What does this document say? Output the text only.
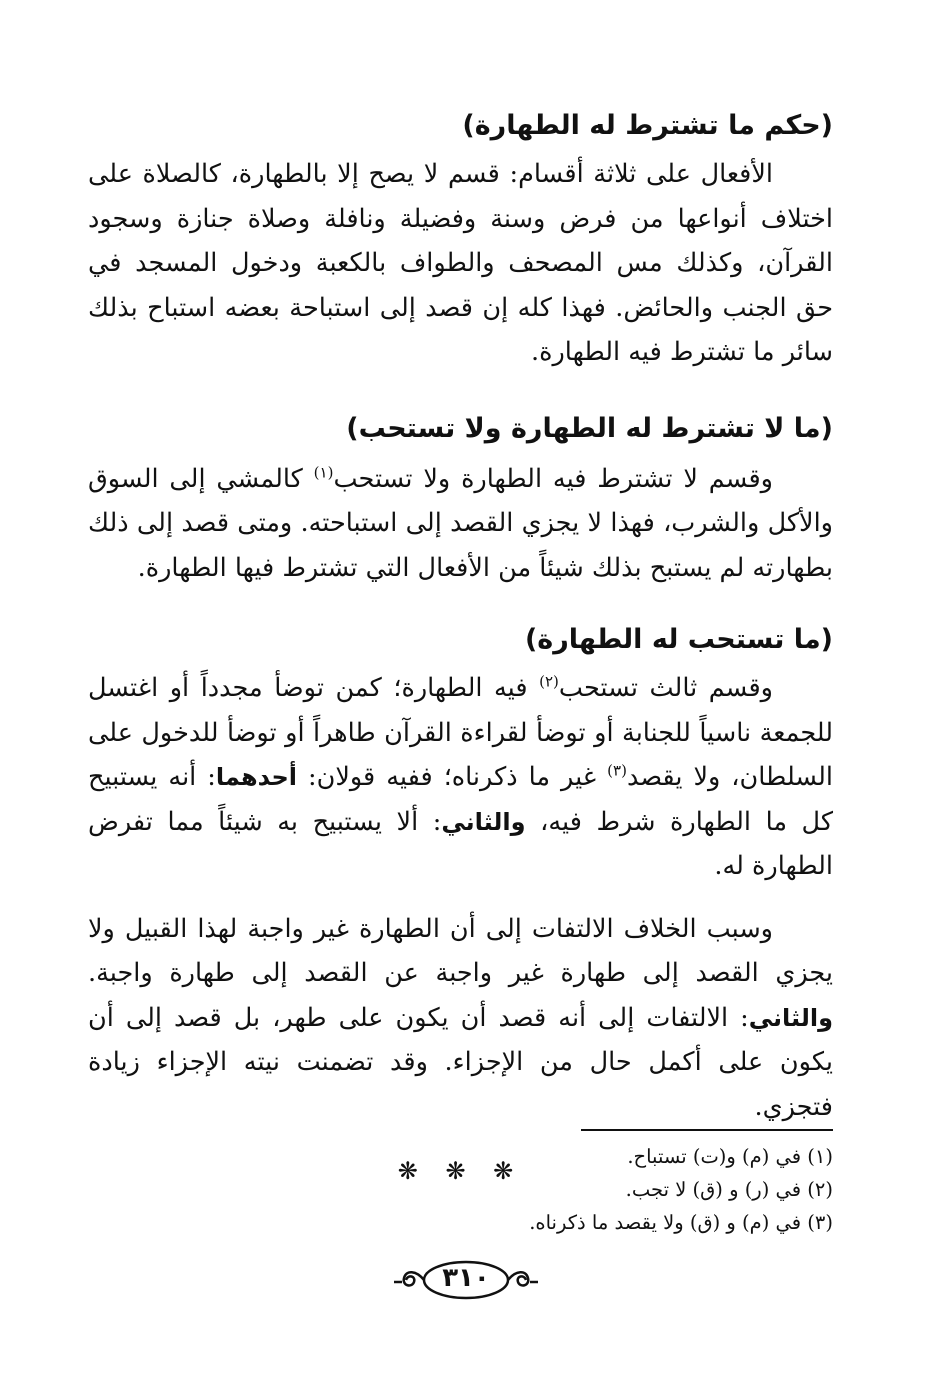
(حكم ما تشترط له الطهارة)

الأفعال على ثلاثة أقسام: قسم لا يصح إلا بالطهارة، كالصلاة على اختلاف أنواعها من فرض وسنة وفضيلة ونافلة وصلاة جنازة وسجود القرآن، وكذلك مس المصحف والطواف بالكعبة ودخول المسجد في حق الجنب والحائض. فهذا كله إن قصد إلى استباحة بعضه استباح بذلك سائر ما تشترط فيه الطهارة.

(ما لا تشترط له الطهارة ولا تستحب)

وقسم لا تشترط فيه الطهارة ولا تستحب$^{(١)}$ كالمشي إلى السوق والأكل والشرب، فهذا لا يجزي القصد إلى استباحته. ومتى قصد إلى ذلك بطهارته لم يستبح بذلك شيئاً من الأفعال التي تشترط فيها الطهارة.

(ما تستحب له الطهارة)

وقسم ثالث تستحب$^{(٢)}$ فيه الطهارة؛ كمن توضأ مجدداً أو اغتسل للجمعة ناسياً للجنابة أو توضأ لقراءة القرآن طاهراً أو توضأ للدخول على السلطان، ولا يقصد$^{(٣)}$ غير ما ذكرناه؛ ففيه قولان: أحدهما: أنه يستبيح كل ما الطهارة شرط فيه، والثاني: ألا يستبيح به شيئاً مما تفرض الطهارة له.

وسبب الخلاف الالتفات إلى أن الطهارة غير واجبة لهذا القبيل ولا يجزي القصد إلى طهارة غير واجبة عن القصد إلى طهارة واجبة. والثاني: الالتفات إلى أنه قصد أن يكون على طهر، بل قصد إلى أن يكون على أكمل حال من الإجزاء. وقد تضمنت نيته الإجزاء زيادة فتجزي.

❋ ❋ ❋
(١) في (م) و(ت) تستباح.
(٢) في (ر) و (ق) لا تجب.
(٣) في (م) و (ق) ولا يقصد ما ذكرناه.
٣١٠
